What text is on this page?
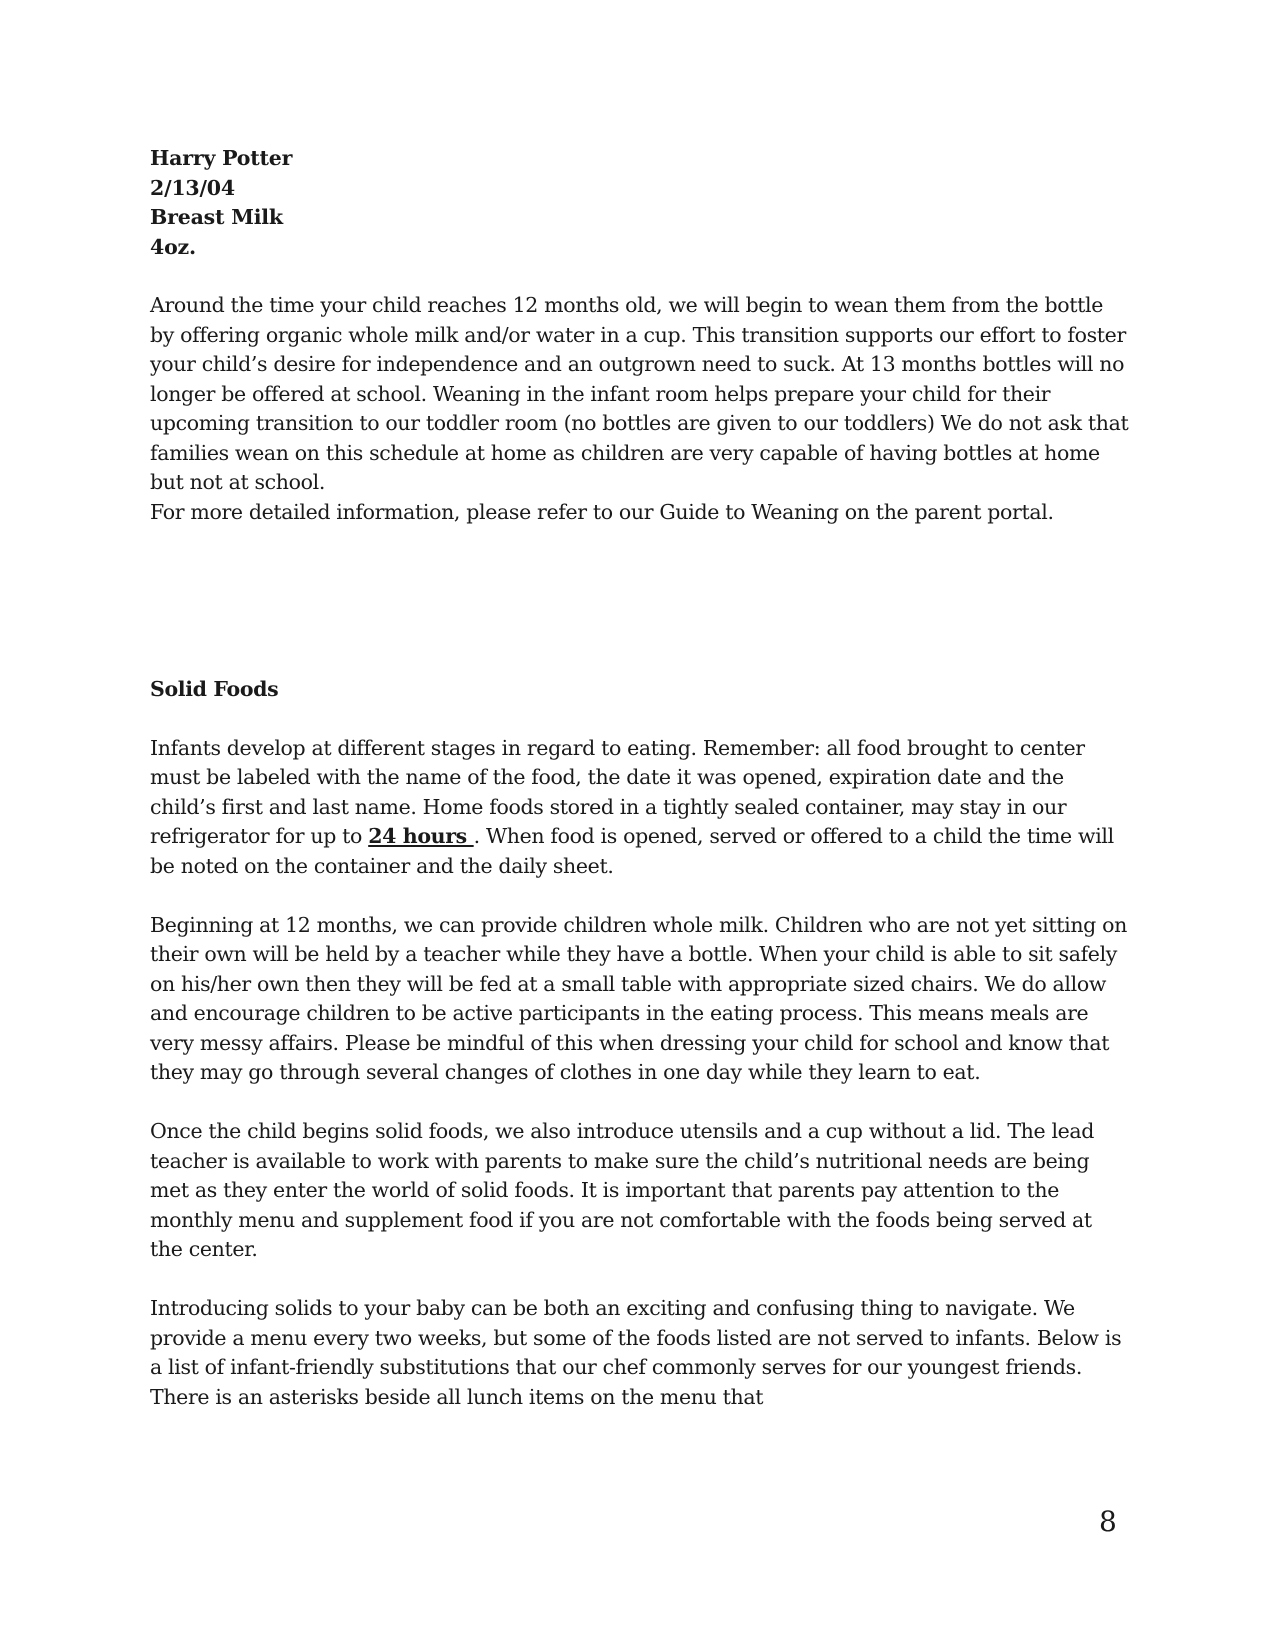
Harry Potter
2/13/04
Breast Milk
4oz.

Around the time your child reaches 12 months old, we will begin to wean them from the bottle by offering organic whole milk and/or water in a cup. This transition supports our effort to foster your child’s desire for independence and an outgrown need to suck. At 13 months bottles will no longer be offered at school. Weaning in the infant room helps prepare your child for their upcoming transition to our toddler room (no bottles are given to our toddlers) We do not ask that families wean on this schedule at home as children are very capable of having bottles at home but not at school.

For more detailed information, please refer to our Guide to Weaning on the parent portal.

Solid Foods

Infants develop at different stages in regard to eating. Remember: all food brought to center must be labeled with the name of the food, the date it was opened, expiration date and the child’s first and last name. Home foods stored in a tightly sealed container, may stay in our refrigerator for up to 24 hours . When food is opened, served or offered to a child the time will be noted on the container and the daily sheet.

Beginning at 12 months, we can provide children whole milk. Children who are not yet sitting on their own will be held by a teacher while they have a bottle. When your child is able to sit safely on his/her own then they will be fed at a small table with appropriate sized chairs. We do allow and encourage children to be active participants in the eating process. This means meals are very messy affairs. Please be mindful of this when dressing your child for school and know that they may go through several changes of clothes in one day while they learn to eat.

Once the child begins solid foods, we also introduce utensils and a cup without a lid. The lead teacher is available to work with parents to make sure the child’s nutritional needs are being met as they enter the world of solid foods. It is important that parents pay attention to the monthly menu and supplement food if you are not comfortable with the foods being served at the center.

Introducing solids to your baby can be both an exciting and confusing thing to navigate. We provide a menu every two weeks, but some of the foods listed are not served to infants. Below is a list of infant-friendly substitutions that our chef commonly serves for our youngest friends. There is an asterisks beside all lunch items on the menu that

8
